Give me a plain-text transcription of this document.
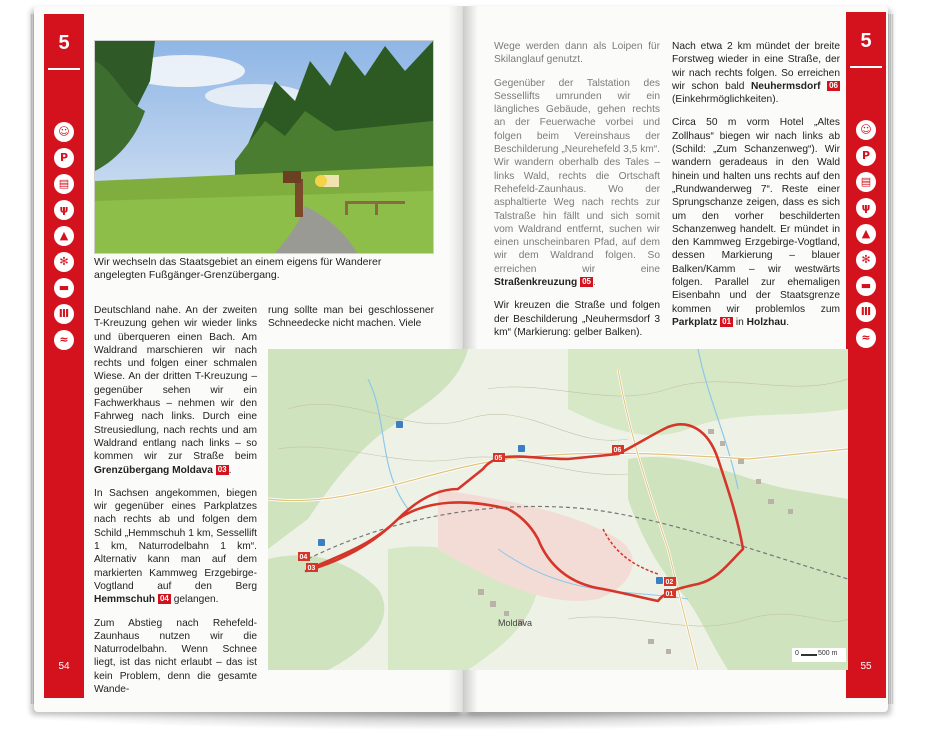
5
☺
P
▤
ψ
▲
✻
▬
Ⅲ
≈
54
5
☺
P
▤
ψ
▲
✻
▬
Ⅲ
≈
55
Wir wechseln das Staatsgebiet an einem eigens für Wanderer angelegten Fußgänger-Grenzübergang.

Deutschland nahe. An der zweiten T-Kreuzung gehen wir wieder links und überqueren einen Bach. Am Waldrand marschieren wir nach rechts und folgen einer schmalen Wiese. An der dritten T-Kreuzung – gegenüber sehen wir ein Fachwerkhaus – nehmen wir den Fahrweg nach links. Durch eine Streusiedlung, nach rechts und am Waldrand entlang nach links – so kommen wir zur Straße beim Grenzübergang Moldava 03 .

In Sachsen angekommen, biegen wir gegenüber eines Parkplatzes nach rechts ab und folgen dem Schild „Hemmschuh 1 km, Sessellift 1 km, Naturrodelbahn 1 km“. Alternativ kann man auf dem markierten Kammweg Erzgebirge-Vogtland auf den Berg Hemmschuh 04 gelangen.

Zum Abstieg nach Rehefeld-Zaunhaus nutzen wir die Naturrodelbahn. Wenn Schnee liegt, ist das nicht erlaubt – das ist kein Problem, denn die gesamte Wande-

rung sollte man bei geschlossener Schneedecke nicht machen. Viele

Wege werden dann als Loipen für Skilanglauf genutzt.

Gegenüber der Talstation des Sessellifts umrunden wir ein längliches Gebäude, gehen rechts an der Feuerwache vorbei und folgen beim Vereinshaus der Beschilderung „Neurehefeld 3,5 km“. Wir wandern oberhalb des Tales – links Wald, rechts die Ortschaft Rehefeld-Zaunhaus. Wo der asphaltierte Weg nach rechts zur Talstraße hin fällt und sich somit vom Waldrand entfernt, suchen wir einen unscheinbaren Pfad, auf dem wir dem Waldrand folgen. So erreichen wir eine Straßenkreuzung 05 .

Wir kreuzen die Straße und folgen der Beschilderung „Neuhermsdorf 3 km“ (Markierung: gelber Balken).

Nach etwa 2 km mündet der breite Forstweg wieder in eine Straße, der wir nach rechts folgen. So erreichen wir schon bald Neuhermsdorf 06 (Einkehrmöglichkeiten).

Circa 50 m vorm Hotel „Altes Zollhaus“ biegen wir nach links ab (Schild: „Zum Schanzenweg“). Wir wandern geradeaus in den Wald hinein und halten uns rechts auf den „Rundwanderweg 7“. Reste einer Sprungschanze zeigen, dass es sich um den vorher beschilderten Schanzenweg handelt. Er mündet in den Kammweg Erzgebirge-Vogtland, dessen Markierung – blauer Balken/Kamm – wir westwärts folgen. Parallel zur ehemaligen Eisenbahn und der Staatsgrenze kommen wir problemlos zum Parkplatz 01 in Holzhau.

04
01
02
05
06
03
Moldava
0	500 m
